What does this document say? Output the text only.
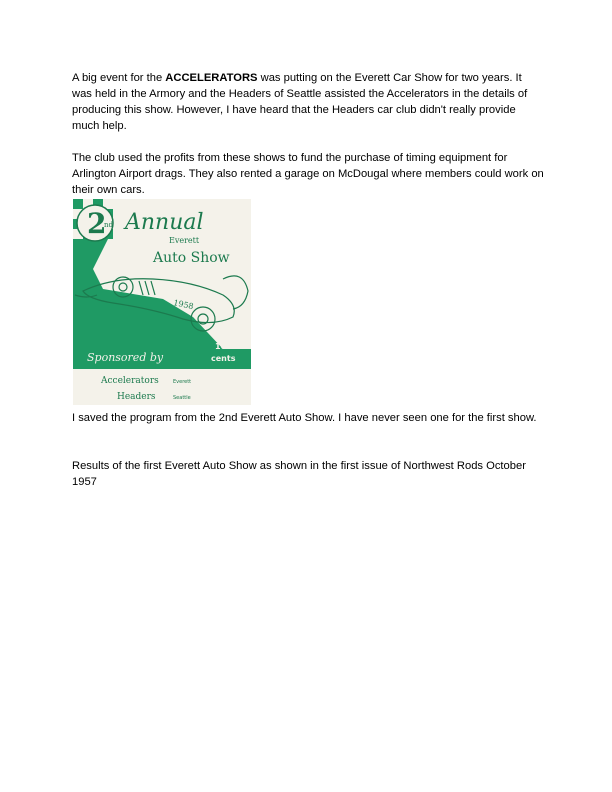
A big event for the ACCELERATORS was putting on the Everett Car Show for two years. It was held in the Armory and the Headers of Seattle assisted the Accelerators in the details of producing this show. However, I have heard that the Headers car club didn't really provide much help.

The club used the profits from these shows to fund the purchase of timing equipment for Arlington Airport drags. They also rented a garage on McDougal where members could work on their own cars.

2
nd Annual
Everett
Auto Show
1958
Sponsored by
10
cents
Accelerators	Everett
Headers	Seattle

I saved the program from the 2nd Everett Auto Show. I have never seen one for the first show.

Results of the first Everett Auto Show as shown in the first issue of Northwest Rods October 1957
